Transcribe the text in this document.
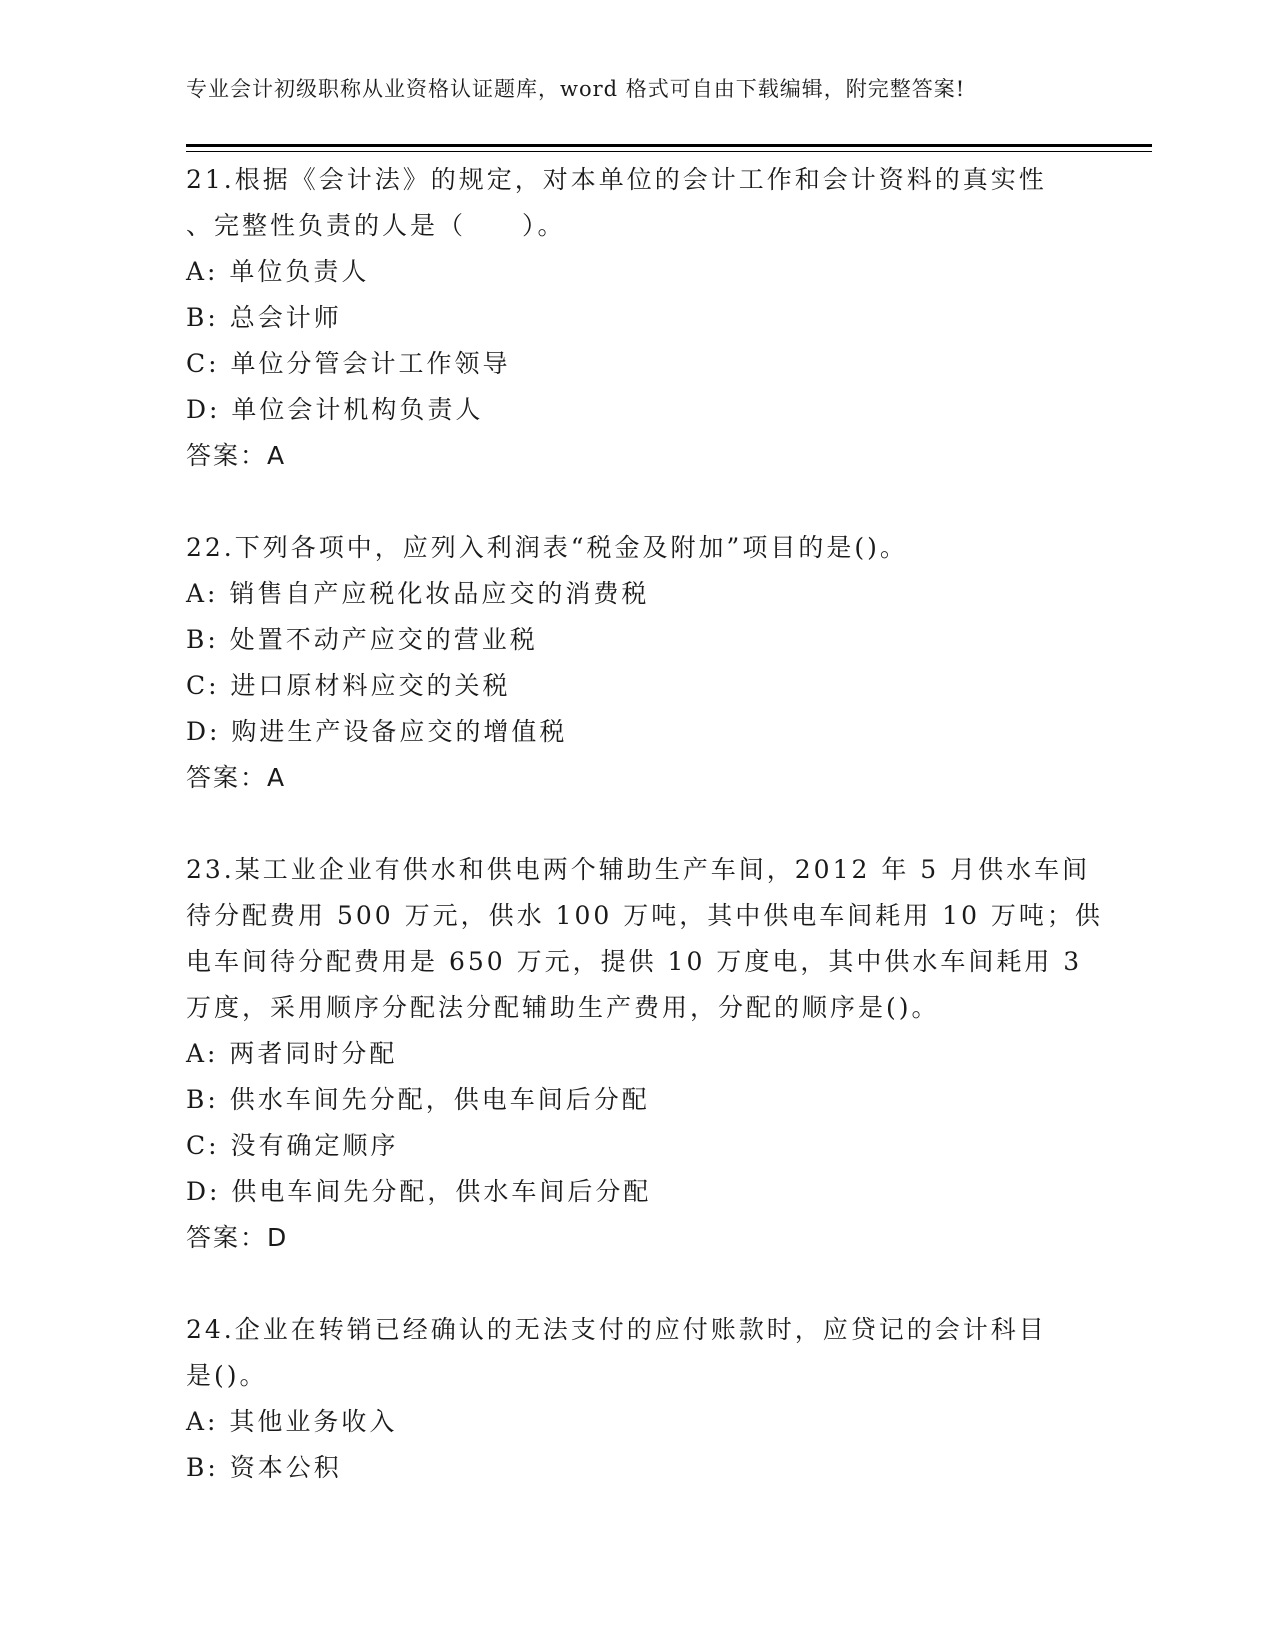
专业会计初级职称从业资格认证题库，word 格式可自由下载编辑，附完整答案!
21.根据《会计法》的规定，对本单位的会计工作和会计资料的真实性
、完整性负责的人是（　　）。
A: 单位负责人
B: 总会计师
C: 单位分管会计工作领导
D: 单位会计机构负责人
答案：A
22.下列各项中，应列入利润表“税金及附加”项目的是()。
A: 销售自产应税化妆品应交的消费税
B: 处置不动产应交的营业税
C: 进口原材料应交的关税
D: 购进生产设备应交的增值税
答案：A
23.某工业企业有供水和供电两个辅助生产车间，2012 年 5 月供水车间
待分配费用 500 万元，供水 100 万吨，其中供电车间耗用 10 万吨；供
电车间待分配费用是 650 万元，提供 10 万度电，其中供水车间耗用 3
万度，采用顺序分配法分配辅助生产费用，分配的顺序是()。
A: 两者同时分配
B: 供水车间先分配，供电车间后分配
C: 没有确定顺序
D: 供电车间先分配，供水车间后分配
答案：D
24.企业在转销已经确认的无法支付的应付账款时，应贷记的会计科目
是()。
A: 其他业务收入
B: 资本公积
